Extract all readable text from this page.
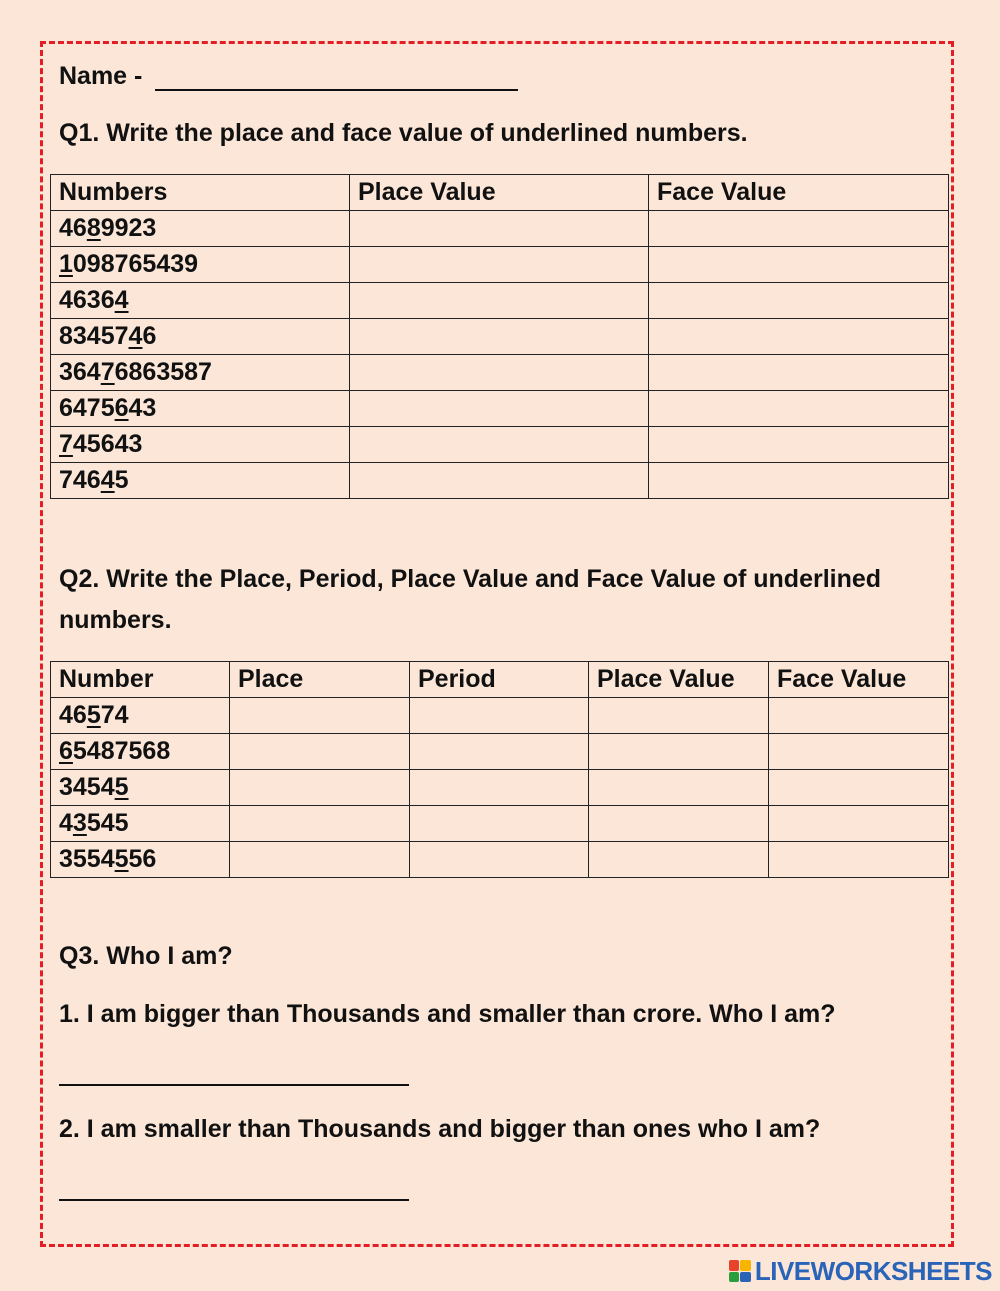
Name -
Q1. Write the place and face value of underlined numbers.
Numbers	Place Value	Face Value
4689923		
1098765439		
46364		
8345746		
36476863587		
6475643		
745643		
74645		
Q2. Write the Place, Period, Place Value and Face Value of underlined
numbers.
Number	Place	Period	Place Value	Face Value
46574				
65487568				
34545				
43545				
3554556				
Q3. Who I am?
1. I am bigger than Thousands and smaller than crore. Who I am?
2. I am smaller than Thousands and bigger than ones who I am?
LIVEWORKSHEETS
